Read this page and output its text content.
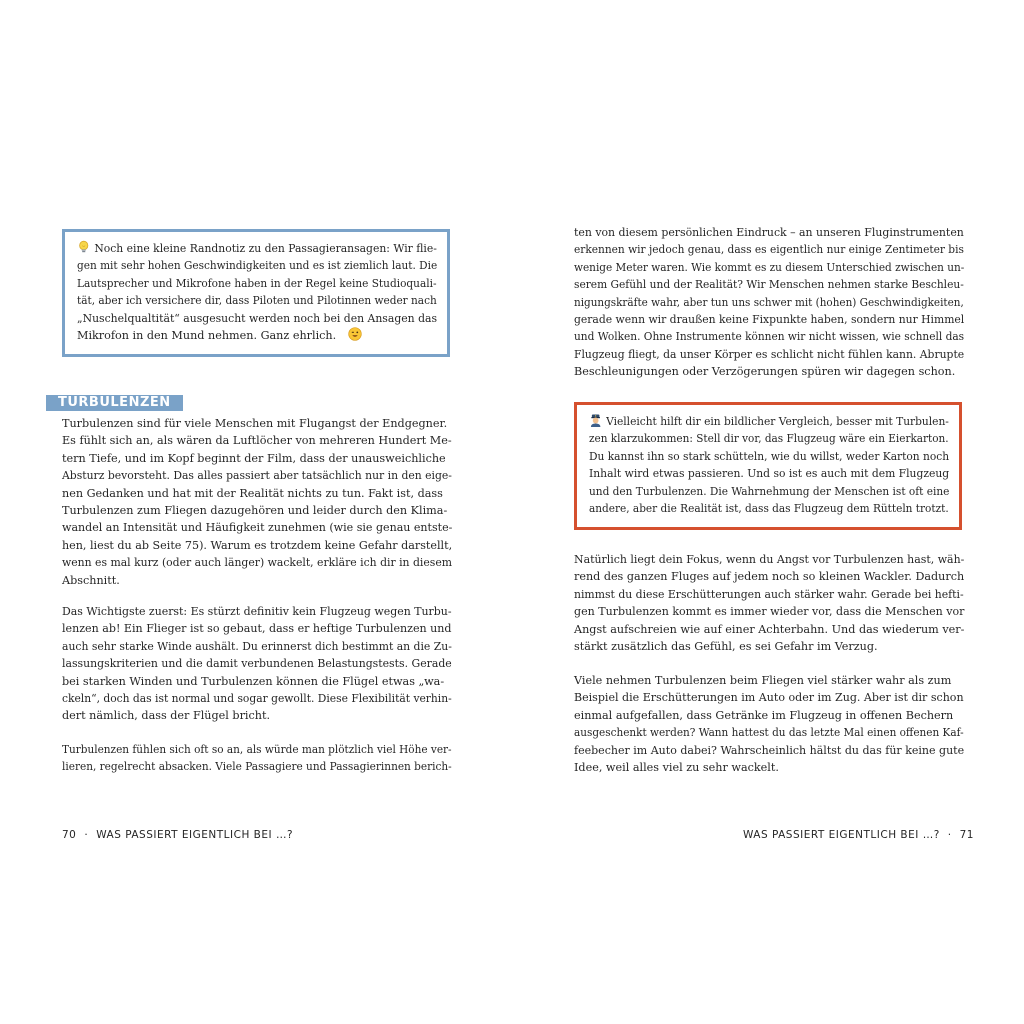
Noch eine kleine Randnotiz zu den Passagieransagen: Wir flie-
gen mit sehr hohen Geschwindigkeiten und es ist ziemlich laut. Die
Lautsprecher und Mikrofone haben in der Regel keine Studioquali-
tät, aber ich versichere dir, dass Piloten und Pilotinnen weder nach
„Nuschelqualtität“ ausgesucht werden noch bei den Ansagen das
Mikrofon in den Mund nehmen. Ganz ehrlich.
TURBULENZEN
Turbulenzen sind für viele Menschen mit Flugangst der Endgegner.
Es fühlt sich an, als wären da Luftlöcher von mehreren Hundert Me-
tern Tiefe, und im Kopf beginnt der Film, dass der unausweichliche
Absturz bevorsteht. Das alles passiert aber tatsächlich nur in den eige-
nen Gedanken und hat mit der Realität nichts zu tun. Fakt ist, dass
Turbulenzen zum Fliegen dazugehören und leider durch den Klima-
wandel an Intensität und Häufigkeit zunehmen (wie sie genau entste-
hen, liest du ab Seite 75). Warum es trotzdem keine Gefahr darstellt,
wenn es mal kurz (oder auch länger) wackelt, erkläre ich dir in diesem
Abschnitt.
Das Wichtigste zuerst: Es stürzt definitiv kein Flugzeug wegen Turbu-
lenzen ab! Ein Flieger ist so gebaut, dass er heftige Turbulenzen und
auch sehr starke Winde aushält. Du erinnerst dich bestimmt an die Zu-
lassungskriterien und die damit verbundenen Belastungstests. Gerade
bei starken Winden und Turbulenzen können die Flügel etwas „wa-
ckeln“, doch das ist normal und sogar gewollt. Diese Flexibilität verhin-
dert nämlich, dass der Flügel bricht.
Turbulenzen fühlen sich oft so an, als würde man plötzlich viel Höhe ver-
lieren, regelrecht absacken. Viele Passagiere und Passagierinnen berich-
70 · WAS PASSIERT EIGENTLICH BEI …?
ten von diesem persönlichen Eindruck – an unseren Fluginstrumenten
erkennen wir jedoch genau, dass es eigentlich nur einige Zentimeter bis
wenige Meter waren. Wie kommt es zu diesem Unterschied zwischen un-
serem Gefühl und der Realität? Wir Menschen nehmen starke Beschleu-
nigungskräfte wahr, aber tun uns schwer mit (hohen) Geschwindigkeiten,
gerade wenn wir draußen keine Fixpunkte haben, sondern nur Himmel
und Wolken. Ohne Instrumente können wir nicht wissen, wie schnell das
Flugzeug fliegt, da unser Körper es schlicht nicht fühlen kann. Abrupte
Beschleunigungen oder Verzögerungen spüren wir dagegen schon.
Vielleicht hilft dir ein bildlicher Vergleich, besser mit Turbulen-
zen klarzukommen: Stell dir vor, das Flugzeug wäre ein Eierkarton.
Du kannst ihn so stark schütteln, wie du willst, weder Karton noch
Inhalt wird etwas passieren. Und so ist es auch mit dem Flugzeug
und den Turbulenzen. Die Wahrnehmung der Menschen ist oft eine
andere, aber die Realität ist, dass das Flugzeug dem Rütteln trotzt.
Natürlich liegt dein Fokus, wenn du Angst vor Turbulenzen hast, wäh-
rend des ganzen Fluges auf jedem noch so kleinen Wackler. Dadurch
nimmst du diese Erschütterungen auch stärker wahr. Gerade bei hefti-
gen Turbulenzen kommt es immer wieder vor, dass die Menschen vor
Angst aufschreien wie auf einer Achterbahn. Und das wiederum ver-
stärkt zusätzlich das Gefühl, es sei Gefahr im Verzug.
Viele nehmen Turbulenzen beim Fliegen viel stärker wahr als zum
Beispiel die Erschütterungen im Auto oder im Zug. Aber ist dir schon
einmal aufgefallen, dass Getränke im Flugzeug in offenen Bechern
ausgeschenkt werden? Wann hattest du das letzte Mal einen offenen Kaf-
feebecher im Auto dabei? Wahrscheinlich hältst du das für keine gute
Idee, weil alles viel zu sehr wackelt.
WAS PASSIERT EIGENTLICH BEI …? · 71
